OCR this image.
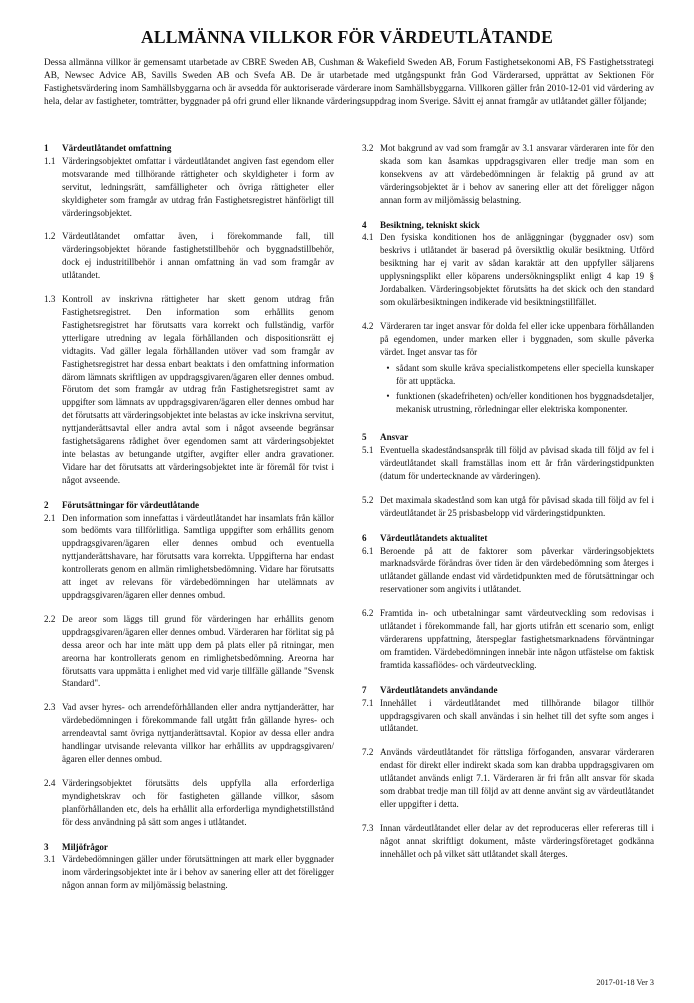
ALLMÄNNA VILLKOR FÖR VÄRDEUTLÅTANDE

Dessa allmänna villkor är gemensamt utarbetade av CBRE Sweden AB, Cushman & Wakefield Sweden AB, Forum Fastighetsekonomi AB, FS Fastighetsstrategi AB, Newsec Advice AB, Savills Sweden AB och Svefa AB. De är utarbetade med utgångspunkt från God Värderarsed, upprättat av Sektionen För Fastighetsvärdering inom Samhällsbyggarna och är avsedda för auktoriserade värderare inom Samhällsbyggarna. Villkoren gäller från 2010-12-01 vid värdering av hela, delar av fastigheter, tomträtter, byggnader på ofri grund eller liknande värderingsuppdrag inom Sverige. Såvitt ej annat framgår av utlåtandet gäller följande;

1	Värdeutlåtandet omfattning
1.1 Värderingsobjektet omfattar i värdeutlåtandet angiven fast egendom eller motsvarande med tillhörande rättigheter och skyldigheter i form av servitut, ledningsrätt, samfälligheter och övriga rättigheter eller skyldigheter som framgår av utdrag från Fastighetsregistret hänförligt till värderingsobjektet.

1.2 Värdeutlåtandet omfattar även, i förekommande fall, till värderingsobjektet hörande fastighetstillbehör och byggnadstillbehör, dock ej industritillbehör i annan omfattning än vad som framgår av utlåtandet.

1.3 Kontroll av inskrivna rättigheter har skett genom utdrag från Fastighetsregistret. Den information som erhållits genom Fastighetsregistret har förutsatts vara korrekt och fullständig, varför ytterligare utredning av legala förhållanden och dispositionsrätt ej vidtagits. Vad gäller legala förhållanden utöver vad som framgår av Fastighetsregistret har dessa enbart beaktats i den omfattning information därom lämnats skriftligen av uppdragsgivaren/ägaren eller dennes ombud. Förutom det som framgår av utdrag från Fastighetsregistret samt av uppgifter som lämnats av uppdragsgivaren/ägaren eller dennes ombud har det förutsatts att värderingsobjektet inte belastas av icke inskrivna servitut, nyttjanderättsavtal eller andra avtal som i något avseende begränsar fastighetsägarens rådighet över egendomen samt att värderingsobjektet inte belastas av betungande utgifter, avgifter eller andra gravationer. Vidare har det förutsatts att värderingsobjektet inte är föremål för tvist i något avseende.

2	Förutsättningar för värdeutlåtande
2.1 Den information som innefattas i värdeutlåtandet har insamlats från källor som bedömts vara tillförlitliga. Samtliga uppgifter som erhållits genom uppdragsgivaren/ägaren eller dennes ombud och eventuella nyttjanderättshavare, har förutsatts vara korrekta. Uppgifterna har endast kontrollerats genom en allmän rimlighetsbedömning. Vidare har förutsatts att inget av relevans för värdebedömningen har utelämnats av uppdragsgivaren/ägaren eller dennes ombud.

2.2 De areor som läggs till grund för värderingen har erhållits genom uppdragsgivaren/ägaren eller dennes ombud. Värderaren har förlitat sig på dessa areor och har inte mätt upp dem på plats eller på ritningar, men areorna har kontrollerats genom en rimlighetsbedömning. Areorna har förutsatts vara uppmätta i enlighet med vid varje tillfälle gällande "Svensk Standard".

2.3 Vad avser hyres- och arrendeförhållanden eller andra nyttjanderätter, har värdebedömningen i förekommande fall utgått från gällande hyres- och arrendeavtal samt övriga nyttjanderättsavtal. Kopior av dessa eller andra handlingar utvisande relevanta villkor har erhållits av uppdragsgivaren/ägaren eller dennes ombud.

2.4 Värderingsobjektet förutsätts dels uppfylla alla erforderliga myndighetskrav och för fastigheten gällande villkor, såsom planförhållanden etc, dels ha erhållit alla erforderliga myndighetstillstånd för dess användning på sätt som anges i utlåtandet.

3	Miljöfrågor
3.1 Värdebedömningen gäller under förutsättningen att mark eller byggnader inom värderingsobjektet inte är i behov av sanering eller att det föreligger någon annan form av miljömässig belastning.

3.2 Mot bakgrund av vad som framgår av 3.1 ansvarar värderaren inte för den skada som kan åsamkas uppdragsgivaren eller tredje man som en konsekvens av att värdebedömningen är felaktig på grund av att värderingsobjektet är i behov av sanering eller att det föreligger någon annan form av miljömässig belastning.

4	Besiktning, tekniskt skick
4.1 Den fysiska konditionen hos de anläggningar (byggnader osv) som beskrivs i utlåtandet är baserad på översiktlig okulär besiktning. Utförd besiktning har ej varit av sådan karaktär att den uppfyller säljarens upplysningsplikt eller köparens undersökningsplikt enligt 4 kap 19 § Jordabalken. Värderingsobjektet förutsätts ha det skick och den standard som okulärbesiktningen indikerade vid besiktningstillfället.

4.2 Värderaren tar inget ansvar för dolda fel eller icke uppenbara förhållanden på egendomen, under marken eller i byggnaden, som skulle påverka värdet. Inget ansvar tas för

• sådant som skulle kräva specialistkompetens eller speciella kunskaper för att upptäcka.
• funktionen (skadefriheten) och/eller konditionen hos byggnadsdetaljer, mekanisk utrustning, rörledningar eller elektriska komponenter.
5	Ansvar
5.1 Eventuella skadeståndsanspråk till följd av påvisad skada till följd av fel i värdeutlåtandet skall framställas inom ett år från värderingstidpunkten (datum för undertecknande av värderingen).

5.2 Det maximala skadestånd som kan utgå för påvisad skada till följd av fel i värdeutlåtandet är 25 prisbasbelopp vid värderingstidpunkten.

6	Värdeutlåtandets aktualitet
6.1 Beroende på att de faktorer som påverkar värderingsobjektets marknadsvärde förändras över tiden är den värdebedömning som återges i utlåtandet gällande endast vid värdetidpunkten med de förutsättningar och reservationer som angivits i utlåtandet.

6.2 Framtida in- och utbetalningar samt värdeutveckling som redovisas i utlåtandet i förekommande fall, har gjorts utifrån ett scenario som, enligt värderarens uppfattning, återspeglar fastighetsmarknadens förväntningar om framtiden. Värdebedömningen innebär inte någon utfästelse om faktisk framtida kassaflödes- och värdeutveckling.

7	Värdeutlåtandets användande
7.1 Innehållet i värdeutlåtandet med tillhörande bilagor tillhör uppdragsgivaren och skall användas i sin helhet till det syfte som anges i utlåtandet.

7.2 Används värdeutlåtandet för rättsliga förfoganden, ansvarar värderaren endast för direkt eller indirekt skada som kan drabba uppdragsgivaren om utlåtandet används enligt 7.1. Värderaren är fri från allt ansvar för skada som drabbat tredje man till följd av att denne använt sig av värdeutlåtandet eller uppgifter i detta.

7.3 Innan värdeutlåtandet eller delar av det reproduceras eller refereras till i något annat skriftligt dokument, måste värderingsföretaget godkänna innehållet och på vilket sätt utlåtandet skall återges.

2017-01-18 Ver 3
